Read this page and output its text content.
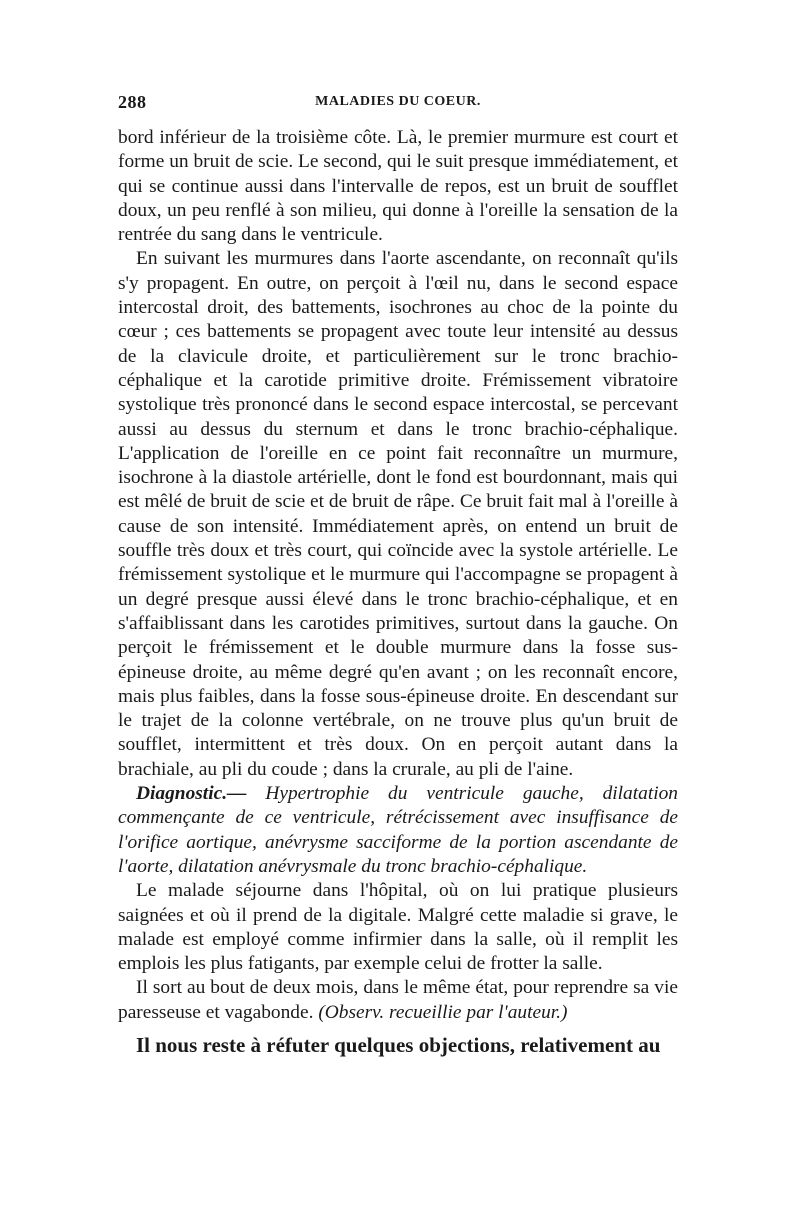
288	MALADIES DU COEUR.

bord inférieur de la troisième côte. Là, le premier murmure est court et forme un bruit de scie. Le second, qui le suit presque immédiatement, et qui se continue aussi dans l'intervalle de repos, est un bruit de soufflet doux, un peu renflé à son milieu, qui donne à l'oreille la sensation de la rentrée du sang dans le ventricule.

En suivant les murmures dans l'aorte ascendante, on reconnaît qu'ils s'y propagent. En outre, on perçoit à l'œil nu, dans le second espace intercostal droit, des battements, isochrones au choc de la pointe du cœur ; ces battements se propagent avec toute leur intensité au dessus de la clavicule droite, et particulièrement sur le tronc brachio-céphalique et la carotide primitive droite. Frémissement vibratoire systolique très prononcé dans le second espace intercostal, se percevant aussi au dessus du sternum et dans le tronc brachio-céphalique. L'application de l'oreille en ce point fait reconnaître un murmure, isochrone à la diastole artérielle, dont le fond est bourdonnant, mais qui est mêlé de bruit de scie et de bruit de râpe. Ce bruit fait mal à l'oreille à cause de son intensité. Immédiatement après, on entend un bruit de souffle très doux et très court, qui coïncide avec la systole artérielle. Le frémissement systolique et le murmure qui l'accompagne se propagent à un degré presque aussi élevé dans le tronc brachio-céphalique, et en s'affaiblissant dans les carotides primitives, surtout dans la gauche. On perçoit le frémissement et le double murmure dans la fosse sus-épineuse droite, au même degré qu'en avant ; on les reconnaît encore, mais plus faibles, dans la fosse sous-épineuse droite. En descendant sur le trajet de la colonne vertébrale, on ne trouve plus qu'un bruit de soufflet, intermittent et très doux. On en perçoit autant dans la brachiale, au pli du coude ; dans la crurale, au pli de l'aine.

Diagnostic.— Hypertrophie du ventricule gauche, dilatation commençante de ce ventricule, rétrécissement avec insuffisance de l'orifice aortique, anévrysme sacciforme de la portion ascendante de l'aorte, dilatation anévrysmale du tronc brachio-céphalique.

Le malade séjourne dans l'hôpital, où on lui pratique plusieurs saignées et où il prend de la digitale. Malgré cette maladie si grave, le malade est employé comme infirmier dans la salle, où il remplit les emplois les plus fatigants, par exemple celui de frotter la salle.

Il sort au bout de deux mois, dans le même état, pour reprendre sa vie paresseuse et vagabonde. (Observ. recueillie par l'auteur.)

Il nous reste à réfuter quelques objections, relativement au
